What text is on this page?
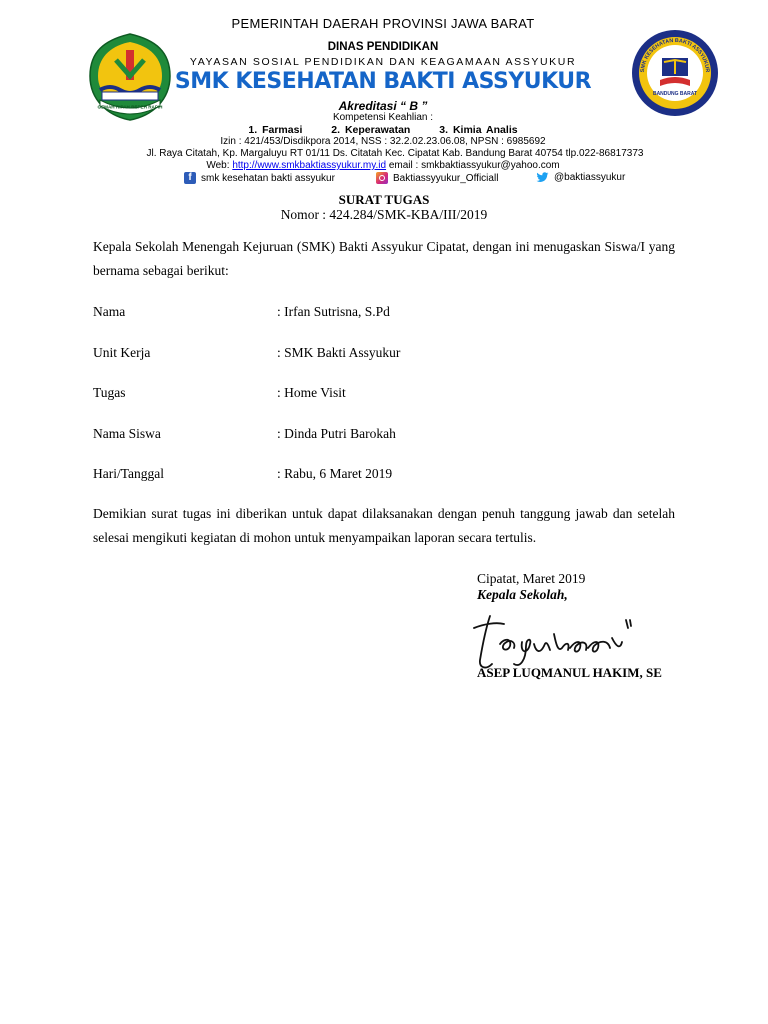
GEMAH RIPAH REPEH RAPIH
SMK KESEHATAN BAKTI ASSYUKUR
BANDUNG BARAT
PEMERINTAH DAERAH PROVINSI JAWA BARAT
DINAS PENDIDIKAN
YAYASAN SOSIAL PENDIDIKAN DAN KEAGAMAAN ASSYUKUR
SMK KESEHATAN BAKTI ASSYUKUR
Akreditasi “ B ”
Kompetensi Keahlian :
1. Farmasi	2. Keperawatan	3. Kimia Analis
Izin : 421/453/Disdikpora 2014, NSS : 32.2.02.23.06.08, NPSN : 6985692
Jl. Raya Citatah, Kp. Margaluyu RT 01/11 Ds. Citatah Kec. Cipatat Kab. Bandung Barat 40754 tlp.022-86817373
Web: http://www.smkbaktiassyukur.my.id email : smkbaktiassyukur@yahoo.com
f smk kesehatan bakti assyukur	Baktiassyyukur_Officiall	@baktiassyukur
SURAT TUGAS
Nomor : 424.284/SMK-KBA/III/2019
Kepala Sekolah Menengah Kejuruan (SMK) Bakti Assyukur Cipatat, dengan ini menugaskan Siswa/I yang bernama sebagai berikut:
Nama	: Irfan Sutrisna, S.Pd
Unit Kerja	: SMK Bakti Assyukur
Tugas	: Home Visit
Nama Siswa	: Dinda Putri Barokah
Hari/Tanggal	: Rabu, 6 Maret 2019
Demikian surat tugas ini diberikan untuk dapat dilaksanakan dengan penuh tanggung jawab dan setelah selesai mengikuti kegiatan di mohon untuk menyampaikan laporan secara tertulis.
Cipatat, Maret 2019
Kepala Sekolah,
ASEP LUQMANUL HAKIM, SE
